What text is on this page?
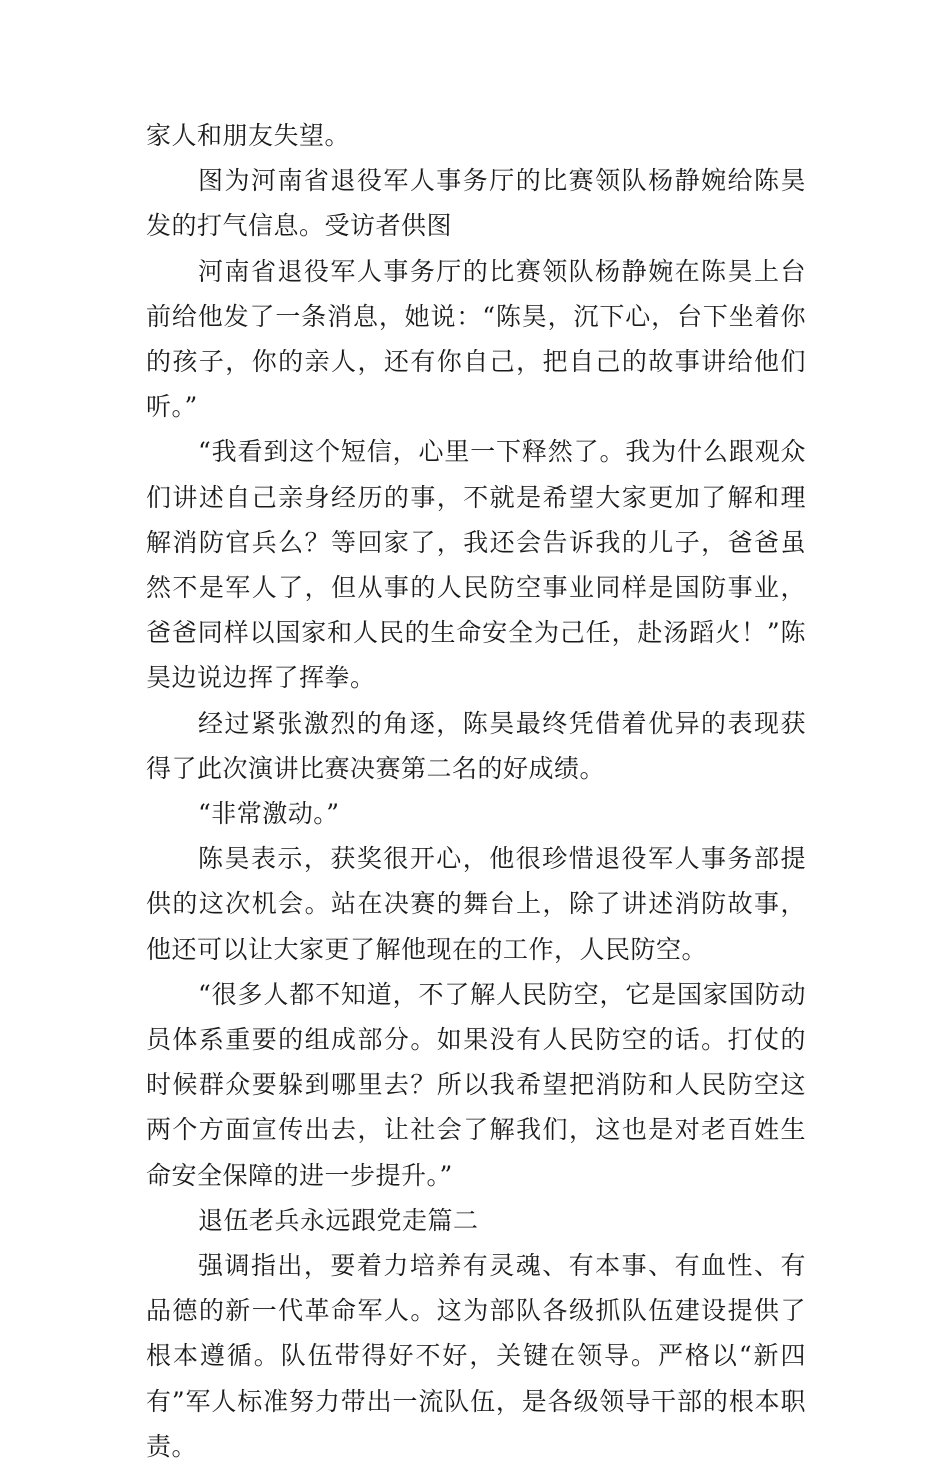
家人和朋友失望。

图为河南省退役军人事务厅的比赛领队杨静婉给陈昊发的打气信息。受访者供图

河南省退役军人事务厅的比赛领队杨静婉在陈昊上台前给他发了一条消息，她说：“陈昊，沉下心，台下坐着你的孩子，你的亲人，还有你自己，把自己的故事讲给他们听。”

“我看到这个短信，心里一下释然了。我为什么跟观众们讲述自己亲身经历的事，不就是希望大家更加了解和理解消防官兵么？等回家了，我还会告诉我的儿子，爸爸虽然不是军人了，但从事的人民防空事业同样是国防事业，爸爸同样以国家和人民的生命安全为己任，赴汤蹈火！”陈昊边说边挥了挥拳。

经过紧张激烈的角逐，陈昊最终凭借着优异的表现获得了此次演讲比赛决赛第二名的好成绩。

“非常激动。”

陈昊表示，获奖很开心，他很珍惜退役军人事务部提供的这次机会。站在决赛的舞台上，除了讲述消防故事，他还可以让大家更了解他现在的工作，人民防空。

“很多人都不知道，不了解人民防空，它是国家国防动员体系重要的组成部分。如果没有人民防空的话。打仗的时候群众要躲到哪里去？所以我希望把消防和人民防空这两个方面宣传出去，让社会了解我们，这也是对老百姓生命安全保障的进一步提升。”

退伍老兵永远跟党走篇二

强调指出，要着力培养有灵魂、有本事、有血性、有品德的新一代革命军人。这为部队各级抓队伍建设提供了根本遵循。队伍带得好不好，关键在领导。严格以“新四有”军人标准努力带出一流队伍，是各级领导干部的根本职责。
